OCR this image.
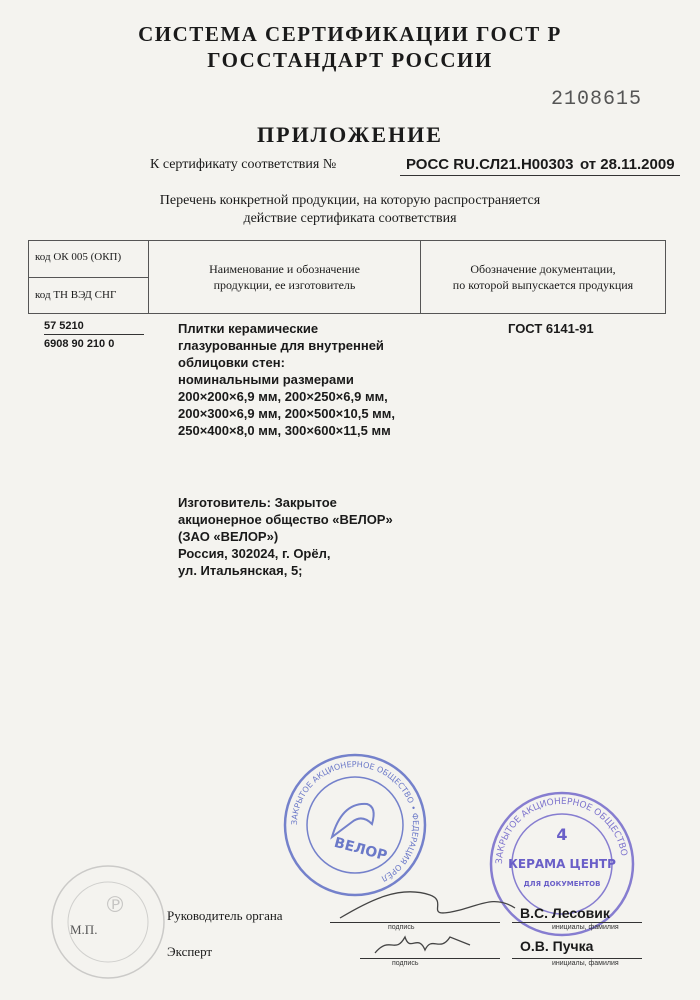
СИСТЕМА СЕРТИФИКАЦИИ ГОСТ Р
ГОССТАНДАРТ РОССИИ
2108615
ПРИЛОЖЕНИЕ
К сертификату соответствия №	РОСС RU.СЛ21.Н00303 от 28.11.2009
Перечень конкретной продукции, на которую распространяется
действие сертификата соответствия
код ОК 005 (ОКП)
код ТН ВЭД СНГ
Наименование и обозначение
продукции, ее изготовитель
Обозначение документации,
по которой выпускается продукция
57 5210
6908 90 210 0
Плитки керамические
глазурованные для внутренней
облицовки стен:
номинальными размерами
200×200×6,9 мм, 200×250×6,9 мм,
200×300×6,9 мм, 200×500×10,5 мм,
250×400×8,0 мм, 300×600×11,5 мм
ГОСТ 6141-91
Изготовитель: Закрытое
акционерное общество «ВЕЛОР»
(ЗАО «ВЕЛОР»)
Россия, 302024, г. Орёл,
ул. Итальянская, 5;
ЗАКРЫТОЕ АКЦИОНЕРНОЕ ОБЩЕСТВО • ФЕДЕРАЦИЯ ОРЁЛ
ВЕЛОР	ЗАКРЫТОЕ АКЦИОНЕРНОЕ ОБЩЕСТВО
4
КЕРАМА ЦЕНТР
ДЛЯ ДОКУМЕНТОВ
℗
М.П.
Руководитель органа
подпись
В.С. Лесовик
инициалы, фамилия
Эксперт
подпись
О.В. Пучка
инициалы, фамилия
